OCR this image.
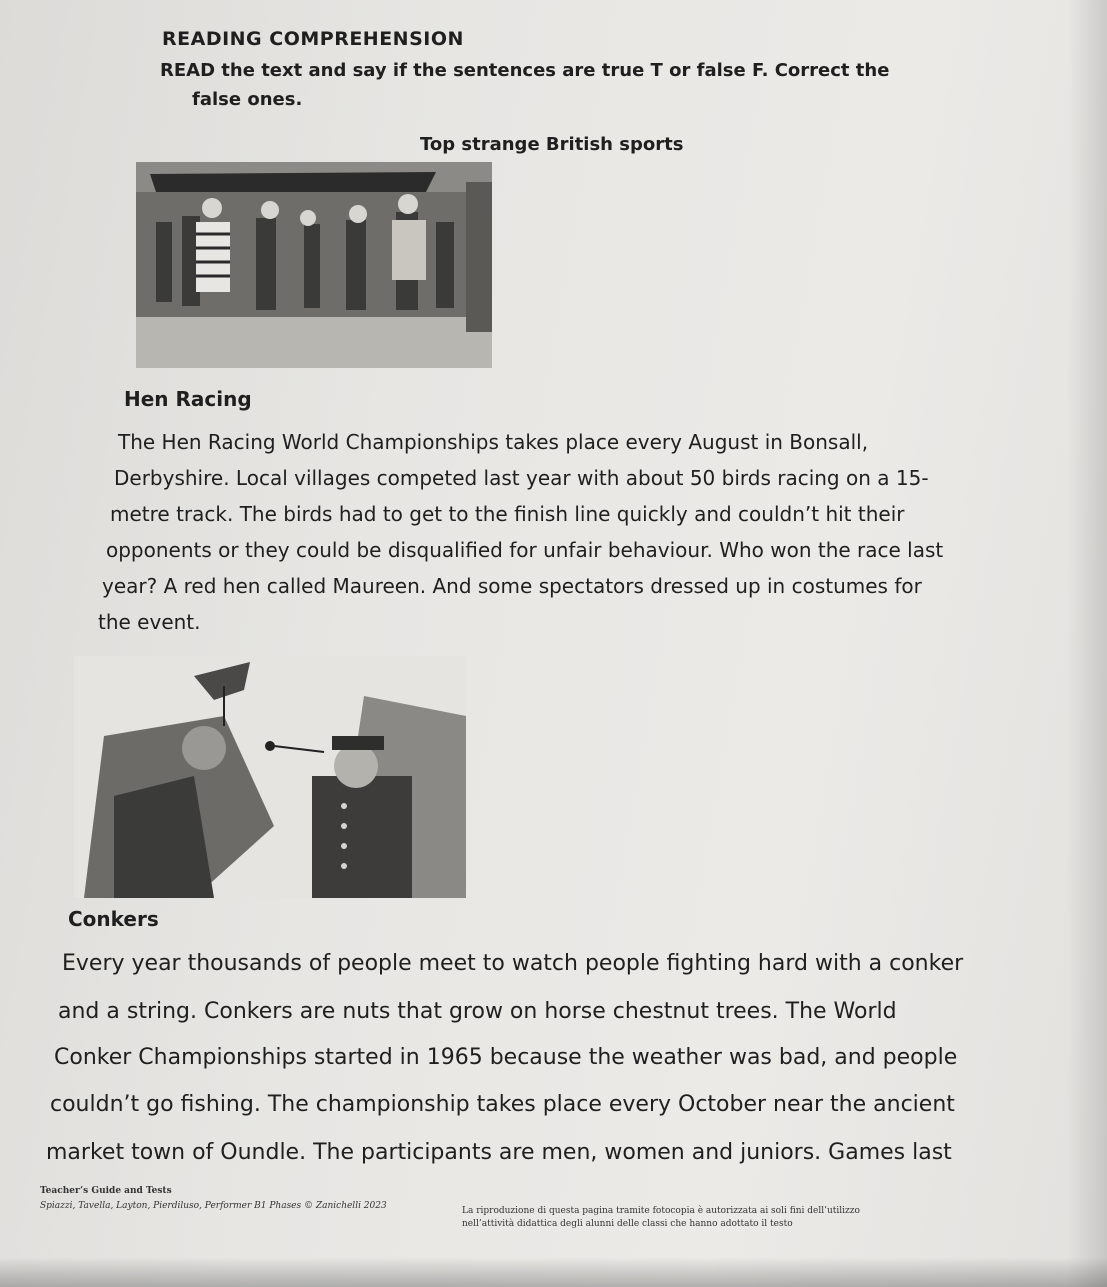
READING COMPREHENSION
READ the text and say if the sentences are true T or false F. Correct the
false ones.
Top strange British sports
Hen Racing
The Hen Racing World Championships takes place every August in Bonsall,
Derbyshire. Local villages competed last year with about 50 birds racing on a 15-
metre track. The birds had to get to the finish line quickly and couldn’t hit their
opponents or they could be disqualified for unfair behaviour. Who won the race last
year? A red hen called Maureen. And some spectators dressed up in costumes for
the event.
Conkers
Every year thousands of people meet to watch people fighting hard with a conker
and a string. Conkers are nuts that grow on horse chestnut trees. The World
Conker Championships started in 1965 because the weather was bad, and people
couldn’t go fishing. The championship takes place every October near the ancient
market town of Oundle. The participants are men, women and juniors. Games last
Teacher’s Guide and Tests
Spiazzi, Tavella, Layton, Pierdiluso, Performer B1 Phases © Zanichelli 2023	La riproduzione di questa pagina tramite fotocopia è autorizzata ai soli fini dell’utilizzo
nell’attività didattica degli alunni delle classi che hanno adottato il testo
